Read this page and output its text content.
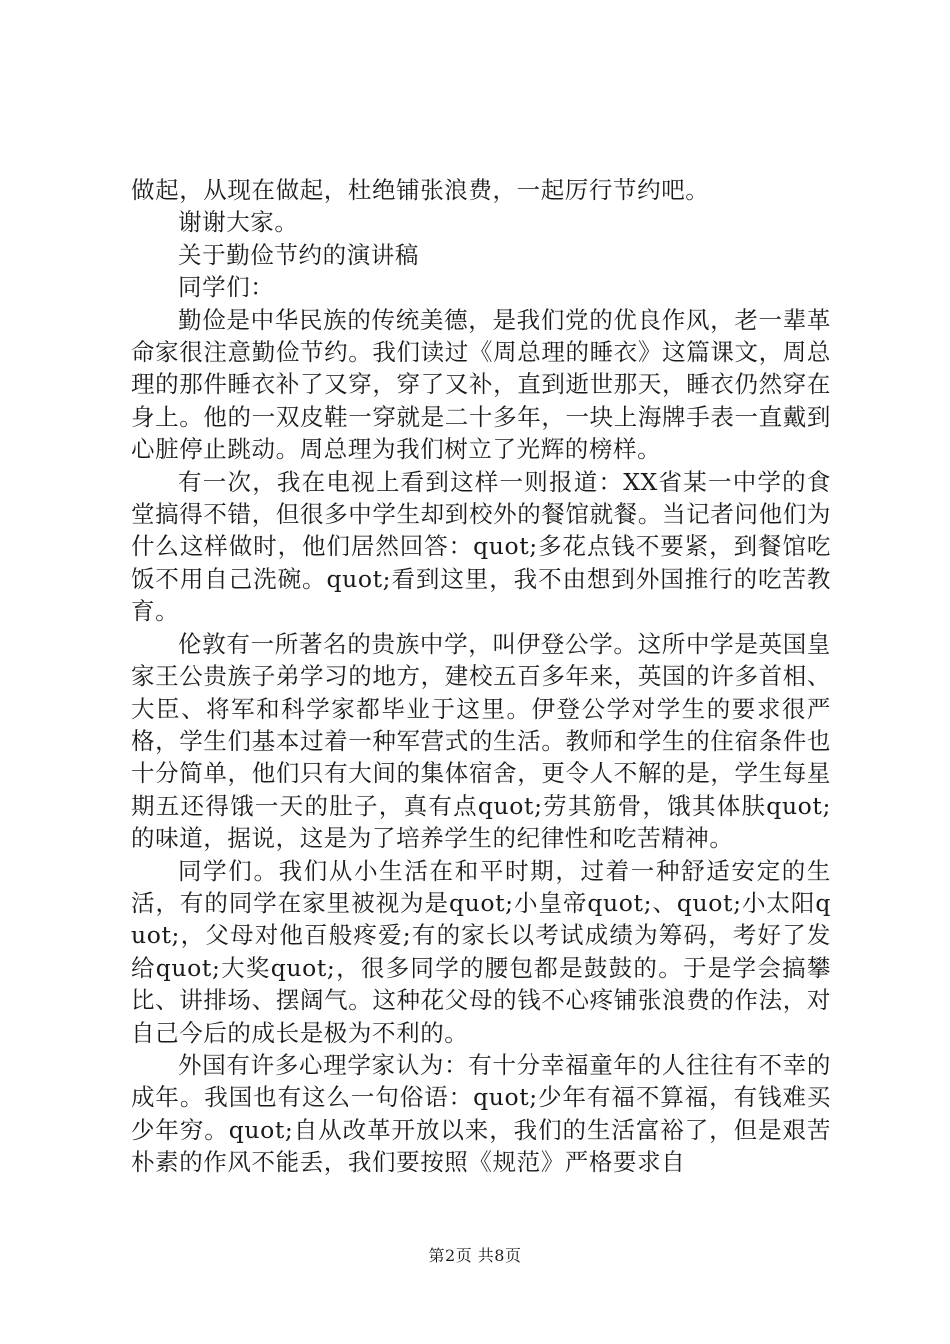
做起，从现在做起，杜绝铺张浪费，一起厉行节约吧。

谢谢大家。

关于勤俭节约的演讲稿

同学们：

勤俭是中华民族的传统美德，是我们党的优良作风，老一辈革命家很注意勤俭节约。我们读过《周总理的睡衣》这篇课文，周总理的那件睡衣补了又穿，穿了又补，直到逝世那天，睡衣仍然穿在身上。他的一双皮鞋一穿就是二十多年，一块上海牌手表一直戴到心脏停止跳动。周总理为我们树立了光辉的榜样。

有一次，我在电视上看到这样一则报道：XX省某一中学的食堂搞得不错，但很多中学生却到校外的餐馆就餐。当记者问他们为什么这样做时，他们居然回答：quot;多花点钱不要紧，到餐馆吃饭不用自己洗碗。quot;看到这里，我不由想到外国推行的吃苦教育。

伦敦有一所著名的贵族中学，叫伊登公学。这所中学是英国皇家王公贵族子弟学习的地方，建校五百多年来，英国的许多首相、大臣、将军和科学家都毕业于这里。伊登公学对学生的要求很严格，学生们基本过着一种军营式的生活。教师和学生的住宿条件也十分简单，他们只有大间的集体宿舍，更令人不解的是，学生每星期五还得饿一天的肚子，真有点quot;劳其筋骨，饿其体肤quot;的味道，据说，这是为了培养学生的纪律性和吃苦精神。

同学们。我们从小生活在和平时期，过着一种舒适安定的生活，有的同学在家里被视为是quot;小皇帝quot;、quot;小太阳quot;，父母对他百般疼爱;有的家长以考试成绩为筹码，考好了发给quot;大奖quot;，很多同学的腰包都是鼓鼓的。于是学会搞攀比、讲排场、摆阔气。这种花父母的钱不心疼铺张浪费的作法，对自己今后的成长是极为不利的。

外国有许多心理学家认为：有十分幸福童年的人往往有不幸的成年。我国也有这么一句俗语：quot;少年有福不算福，有钱难买少年穷。quot;自从改革开放以来，我们的生活富裕了，但是艰苦朴素的作风不能丢，我们要按照《规范》严格要求自

第2页 共8页
